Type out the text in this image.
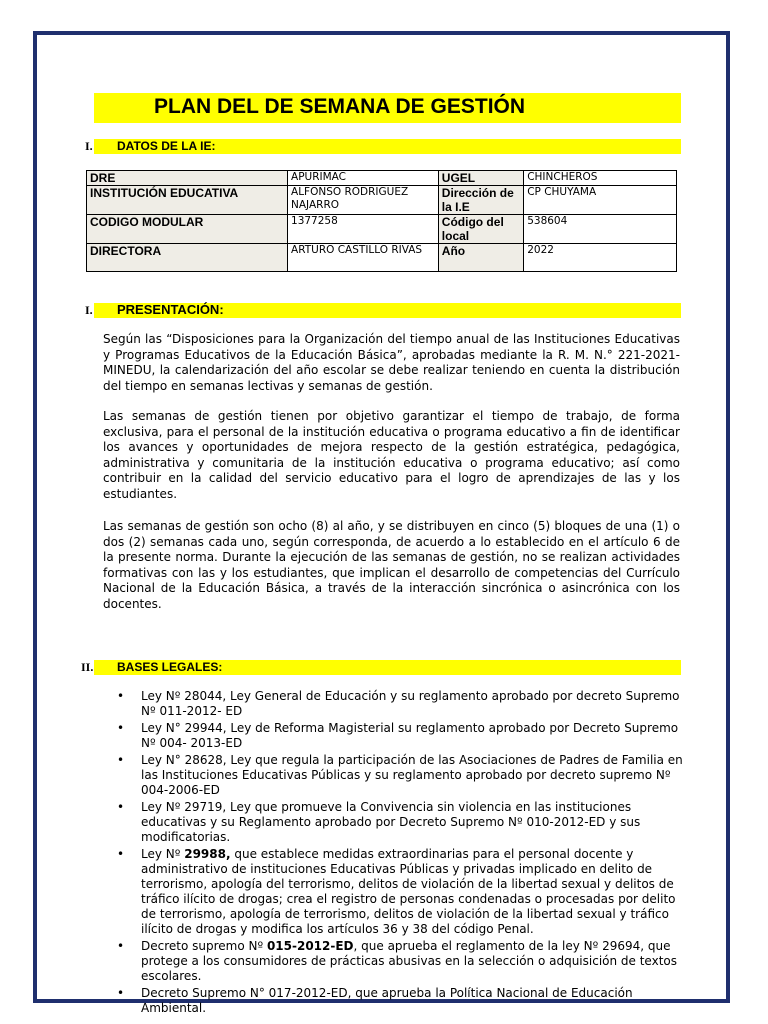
PLAN DEL DE SEMANA DE GESTIÓN
I. DATOS DE LA IE:
DRE	APURIMAC	UGEL	CHINCHEROS
INSTITUCIÓN EDUCATIVA	ALFONSO RODRIGUEZ NAJARRO	Dirección de la I.E	CP CHUYAMA
CODIGO MODULAR	1377258	Código del local	538604
DIRECTORA	ARTURO CASTILLO RIVAS	Año	2022
I. PRESENTACIÓN:

Según las “Disposiciones para la Organización del tiempo anual de las Instituciones Educativas y Programas Educativos de la Educación Básica”, aprobadas mediante la R. M. N.° 221-2021-MINEDU, la calendarización del año escolar se debe realizar teniendo en cuenta la distribución del tiempo en semanas lectivas y semanas de gestión.

Las semanas de gestión tienen por objetivo garantizar el tiempo de trabajo, de forma exclusiva, para el personal de la institución educativa o programa educativo a fin de identificar los avances y oportunidades de mejora respecto de la gestión estratégica, pedagógica, administrativa y comunitaria de la institución educativa o programa educativo; así como contribuir en la calidad del servicio educativo para el logro de aprendizajes de las y los estudiantes.

Las semanas de gestión son ocho (8) al año, y se distribuyen en cinco (5) bloques de una (1) o dos (2) semanas cada uno, según corresponda, de acuerdo a lo establecido en el artículo 6 de la presente norma. Durante la ejecución de las semanas de gestión, no se realizan actividades formativas con las y los estudiantes, que implican el desarrollo de competencias del Currículo Nacional de la Educación Básica, a través de la interacción sincrónica o asincrónica con los docentes.

II. BASES LEGALES:
• Ley Nº 28044, Ley General de Educación y su reglamento aprobado por decreto Supremo Nº 011-2012- ED
• Ley N° 29944, Ley de Reforma Magisterial su reglamento aprobado por Decreto Supremo Nº 004- 2013-ED
• Ley N° 28628, Ley que regula la participación de las Asociaciones de Padres de Familia en las Instituciones Educativas Públicas y su reglamento aprobado por decreto supremo Nº 004-2006-ED
• Ley Nº 29719, Ley que promueve la Convivencia sin violencia en las instituciones educativas y su Reglamento aprobado por Decreto Supremo Nº 010-2012-ED y sus modificatorias.
• Ley Nº 29988, que establece medidas extraordinarias para el personal docente y administrativo de instituciones Educativas Públicas y privadas implicado en delito de terrorismo, apología del terrorismo, delitos de violación de la libertad sexual y delitos de tráfico ilícito de drogas; crea el registro de personas condenadas o procesadas por delito de terrorismo, apología de terrorismo, delitos de violación de la libertad sexual y tráfico ilícito de drogas y modifica los artículos 36 y 38 del código Penal.
• Decreto supremo Nº 015-2012-ED, que aprueba el reglamento de la ley Nº 29694, que protege a los consumidores de prácticas abusivas en la selección o adquisición de textos escolares.
• Decreto Supremo N° 017-2012-ED, que aprueba la Política Nacional de Educación Ambiental.
